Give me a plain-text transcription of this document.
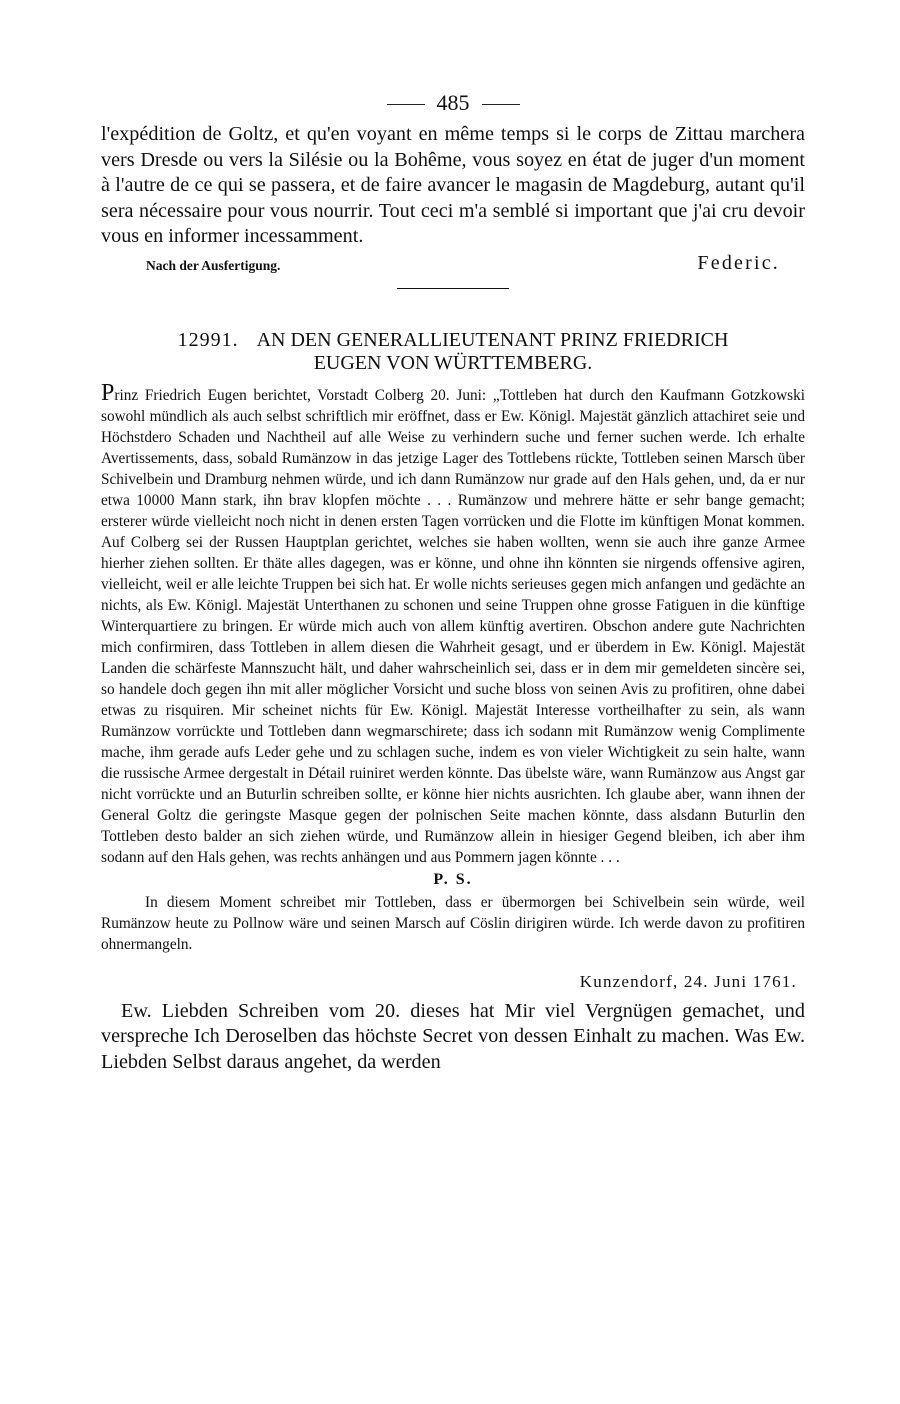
485

l'expédition de Goltz, et qu'en voyant en même temps si le corps de Zittau marchera vers Dresde ou vers la Silésie ou la Bohême, vous soyez en état de juger d'un moment à l'autre de ce qui se passera, et de faire avancer le magasin de Magdeburg, autant qu'il sera nécessaire pour vous nourrir. Tout ceci m'a semblé si important que j'ai cru devoir vous en informer incessamment.

Nach der Ausfertigung.	Federic.
12991. AN DEN GENERALLIEUTENANT PRINZ FRIEDRICH
EUGEN VON WÜRTTEMBERG.

Prinz Friedrich Eugen berichtet, Vorstadt Colberg 20. Juni: „Tottleben hat durch den Kaufmann Gotzkowski sowohl mündlich als auch selbst schriftlich mir eröffnet, dass er Ew. Königl. Majestät gänzlich attachiret seie und Höchstdero Schaden und Nachtheil auf alle Weise zu verhindern suche und ferner suchen werde. Ich erhalte Avertissements, dass, sobald Rumänzow in das jetzige Lager des Tottlebens rückte, Tottleben seinen Marsch über Schivelbein und Dramburg nehmen würde, und ich dann Rumänzow nur grade auf den Hals gehen, und, da er nur etwa 10000 Mann stark, ihn brav klopfen möchte . . . Rumänzow und mehrere hätte er sehr bange gemacht; ersterer würde vielleicht noch nicht in denen ersten Tagen vorrücken und die Flotte im künftigen Monat kommen. Auf Colberg sei der Russen Hauptplan gerichtet, welches sie haben wollten, wenn sie auch ihre ganze Armee hierher ziehen sollten. Er thäte alles dagegen, was er könne, und ohne ihn könnten sie nirgends offensive agiren, vielleicht, weil er alle leichte Truppen bei sich hat. Er wolle nichts serieuses gegen mich anfangen und gedächte an nichts, als Ew. Königl. Majestät Unterthanen zu schonen und seine Truppen ohne grosse Fatiguen in die künftige Winterquartiere zu bringen. Er würde mich auch von allem künftig avertiren. Obschon andere gute Nachrichten mich confirmiren, dass Tottleben in allem diesen die Wahrheit gesagt, und er überdem in Ew. Königl. Majestät Landen die schärfeste Mannszucht hält, und daher wahrscheinlich sei, dass er in dem mir gemeldeten sincère sei, so handele doch gegen ihn mit aller möglicher Vorsicht und suche bloss von seinen Avis zu profitiren, ohne dabei etwas zu risquiren. Mir scheinet nichts für Ew. Königl. Majestät Interesse vortheilhafter zu sein, als wann Rumänzow vorrückte und Tottleben dann wegmarschirete; dass ich sodann mit Rumänzow wenig Complimente mache, ihm gerade aufs Leder gehe und zu schlagen suche, indem es von vieler Wichtigkeit zu sein halte, wann die russische Armee dergestalt in Détail ruiniret werden könnte. Das übelste wäre, wann Rumänzow aus Angst gar nicht vorrückte und an Buturlin schreiben sollte, er könne hier nichts ausrichten. Ich glaube aber, wann ihnen der General Goltz die geringste Masque gegen der polnischen Seite machen könnte, dass alsdann Buturlin den Tottleben desto balder an sich ziehen würde, und Rumänzow allein in hiesiger Gegend bleiben, ich aber ihm sodann auf den Hals gehen, was rechts anhängen und aus Pommern jagen könnte . . .

P. S.

In diesem Moment schreibet mir Tottleben, dass er übermorgen bei Schivelbein sein würde, weil Rumänzow heute zu Pollnow wäre und seinen Marsch auf Cöslin dirigiren würde. Ich werde davon zu profitiren ohnermangeln.

Kunzendorf, 24. Juni 1761.

Ew. Liebden Schreiben vom 20. dieses hat Mir viel Vergnügen gemachet, und verspreche Ich Deroselben das höchste Secret von dessen Einhalt zu machen. Was Ew. Liebden Selbst daraus angehet, da werden
